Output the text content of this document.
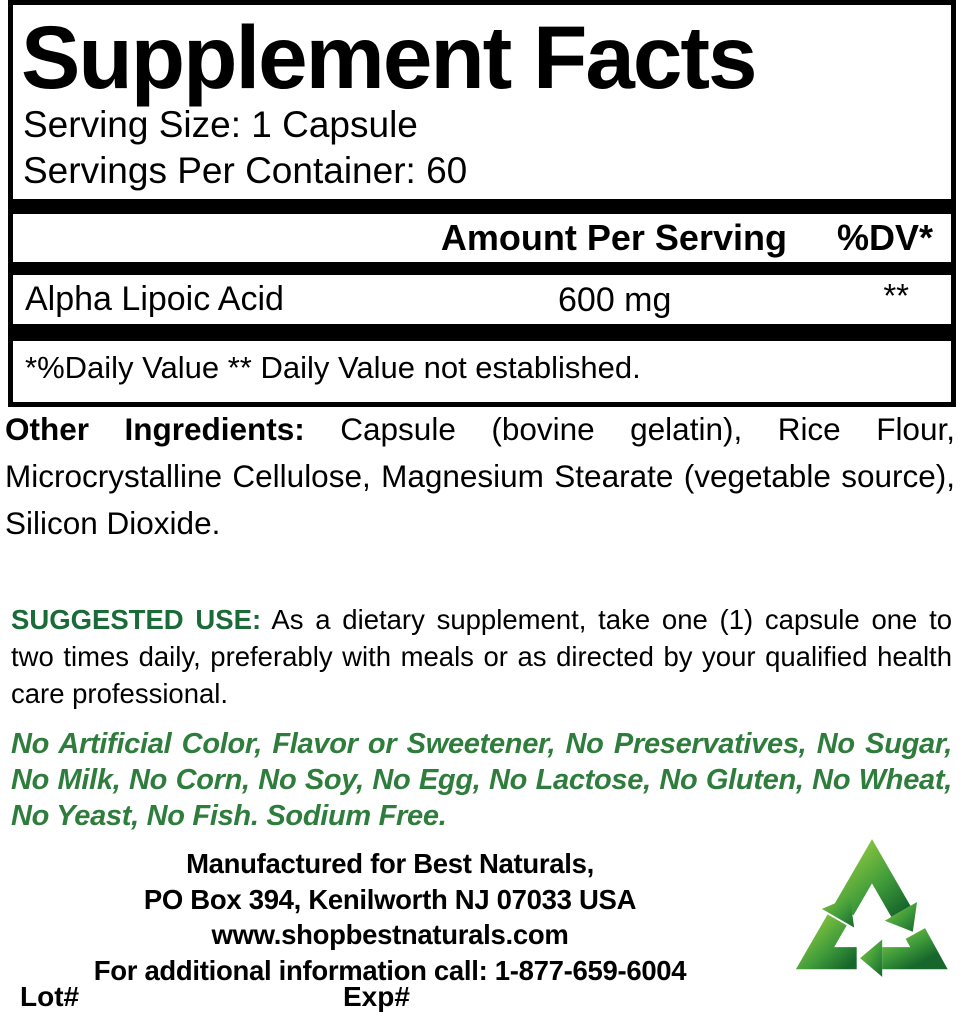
Supplement Facts
Serving Size: 1 Capsule
Servings Per Container: 60
Amount Per Serving %DV*
Alpha Lipoic Acid	600 mg	**
*%Daily Value ** Daily Value not established.

Other Ingredients: Capsule (bovine gelatin), Rice Flour, Microcrystalline Cellulose, Magnesium Stearate (vegetable source), Silicon Dioxide.

SUGGESTED USE: As a dietary supplement, take one (1) capsule one to two times daily, preferably with meals or as directed by your qualified health care professional.

No Artificial Color, Flavor or Sweetener, No Preservatives, No Sugar, No Milk, No Corn, No Soy, No Egg, No Lactose, No Gluten, No Wheat, No Yeast, No Fish. Sodium Free.

Manufactured for Best Naturals,
PO Box 394, Kenilworth NJ 07033 USA
www.shopbestnaturals.com
For additional information call: 1-877-659-6004
Lot#	Exp#
